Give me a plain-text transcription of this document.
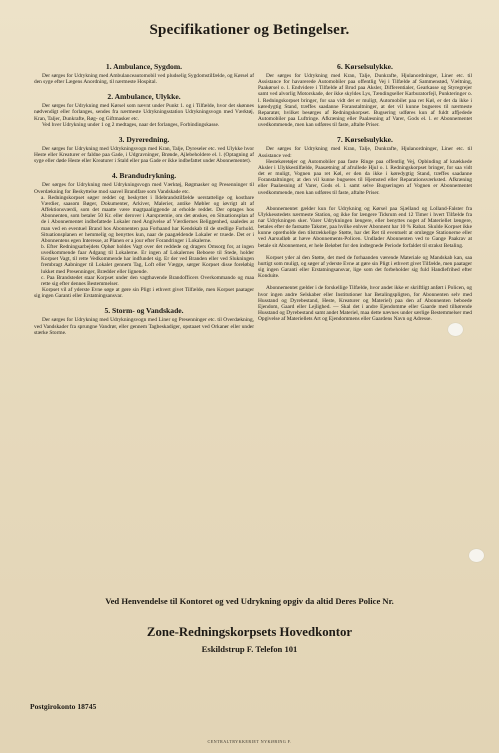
Specifikationer og Betingelser.
1. Ambulance, Sygdom.

Der sørges for Udrykning med Ambulanceautomobil ved pludselig Sygdomstilfælde, og Kørsel af den syge efter Lægens Anordning, til nærmeste Hospital.

2. Ambulance, Ulykke.

Der sørges for Udrykning med Kørsel som nævnt under Punkt 1. og i Tilfælde, hvor det skønnes nødvendigt eller forlanges, sendes fra nærmeste Udrykningsstation Udrykningsvogn med Værktøj, Kran, Taljer, Dunkrafte, Røg- og Giftmasker etc.

Ved hver Udrykning under 1 og 2 medtages, naar det forlanges, Forbindingskasse.

3. Dyreredning.

Der sørges for Udrykning med Udrykningsvogn med Kran, Talje, Dyreseler etc. ved Ulykke hvor Heste eller Kreaturer er faldne paa Gade, i Udgravninger, Brønde, Ajlebeholdere el. l. (Optagning af syge eller døde Heste eller Kreaturer i Stald eller paa Gade er ikke indbefattet under Abonnementet).

4. Brandudrykning.

Der sørges for Udrykning med Udrykningsvogn med Værktøj, Røgmasker og Presenninger til Overdækning for Beskyttelse mod saavel Brandfare som Vandskade etc.

a. Redningskorpset søger reddet og beskyttet i Ildebrandstilfælde uerstattelige og kostbare Værdier, saasom Bøger, Dokumenter, Arkiver, Malerier, antike Møbler og iøvrigt alt af Affektionsværdi, som det maatte være magtpaaliggende at erholde reddet. Der optages hos Abonnenten, som betaler 50 Kr. eller derover i Aarspræmie, om det ønskes, en Situationsplan af de i Abonnementet indbefattede Lokaler med Angivelse af Værdiernes Beliggenhed, saaledes at man ved en eventuel Brand hos Abonnenten paa Forhaand har Kendskab til de stedlige Forhold. Situationsplanen er hemmelig og benyttes kun, naar de paagældende Lokaler er truede. Det er i Abonnentens egen Interesse, at Planen er a jour efter Forandringer i Lokalerne.

b. Efter Redningsarbejdets Ophør holdes Vagt over det reddede og dragers Omsorg for, at ingen uvedkommende faar Adgang til Lokalerne. Er ingen af Lokalernes Beboere til Stede, holder Korpset Vagt, til rette Vedkommende har indfundet sig. Er der ved Branden eller ved Slukningen frembragt Aabninger til Lokalet gennem Tag, Loft eller Vægge, sørger Korpset disse foreløbig lukket med Presenninger, Brædder eller lignende.

c. Paa Brandstedet staar Korpset under den vagthavende Brandofficers Overkommando og maa rette sig efter dennes Bestemmelser.

Korpset vil af yderste Evne søge at gøre sin Pligt i ethvert givet Tilfælde, men Korpset paatager sig ingen Garanti eller Erstatningsansvar.

5. Storm- og Vandskade.

Der sørges for Udrykning med Udrykningsvogn med Liner og Presenninger etc. til Overdækning, ved Vandskader fra sprungne Vandrør, eller gennem Tagbeskadiger, opstaaet ved Orkaner eller under stærke Storme.

6. Kørselsulykke.

Der sørges for Udrykning med Kran, Talje, Dunkrafte, Hjulanordninger, Liner etc. til Assistance for havarerede Automobiler paa offentlig Vej i Tilfælde af Sammenstød, Væltning, Paakørsel o. l. Endvidere i Tilfælde af Brud paa Aksler, Differentialer, Gearkasse og Styregrejer samt ved alvorlig Motorskade, der ikke skyldes Lys, Tændingseller Karburatorfejl, Punkteringer o. l. Redningskorpset bringer, for saa vidt det er muligt, Automobilet paa ret Køl, er det da ikke i køredygtig Stand, træffes saadanne Foranstaltninger, at det vil kunne bugseres til nærmeste Reparatør, hvilket besørges af Redningskorpset. Bugsering udføres kun af fuldt affjedede Automobiler paa Luftringe. Afkræning eller Paalæsning af Varer, Gods el. l. er Abonnementet uvedkommende, men kan udføres til faste, aftalte Priser.

7. Kørselsulykke.

Der sørges for Udrykning med Kran, Talje, Dunkrafte, Hjulanordninger, Liner etc. til Assistance ved:

Hestekøretøjer og Automobiler paa faste Ringe paa offentlig Vej, Opbinding af knækkede Aksler i Ulykkestilfælde, Paasætning af afrullede Hjul o. l. Redningskorpset bringer, for saa vidt det er muligt, Vognen paa ret Køl, er den da ikke i køredygtig Stand, træffes saadanne Foranstaltninger, at den vil kunne bugseres til Hjemsted eller Reparationsværksted. Afkræning eller Paalæsning af Varer, Gods el. l. samt selve Bugseringen af Vognen er Abonnementet uvedkommende, men kan udføres til faste, aftalte Priser.

Abonnementet gælder kun for Udrykning og Kørsel paa Sjælland og Lolland-Falster fra Ulykkesstedets nærmeste Station, og ikke for længere Tidsrum end 12 Timer i hvert Tilfælde fra nar Udrykningen sker. Varer Udrykningen længere, eller benyttes noget af Materiellet længere, betales efter de fastsatte Takster, paa hvilke enhver Abonnent har 10 % Rabat. Skulde Korpset ikke kunne opretholde den tilstrækkelige Støtte, har det Ret til eventuelt at omlægge Stationerne eller ved Aarsudløb at hæve Abonnements-Policen. Undlader Abonnenten ved to Gange Paakrav at betale sit Abonnement, er hele Beløbet for den indtegnede Periode forfaldet til strakst Betaling.

Korpset yder al den Støtte, det med de forhaanden værende Materiale og Mandskab kan, saa hurtigt som muligt, og søger af yderste Evne at gøre sin Pligt i ethvert givet Tilfælde, men paatager sig ingen Garanti eller Erstatningsansvar, lige som det forbeholder sig fuld Handlefrihed efter Konduite.

Abonnementet gælder i de forskellige Tilfælde, hvor andet ikke er skriftligt anført i Policen, og hvor ingen andre Selskaber eller Institutioner har Betalingspligten, for Abonnenten selv med Husstand og Dyrebestand, Heste, Kreaturer og Materiel) paa den af Abonnenten beboede Ejendom, Gaard eller Lejlighed. — Skal det i andre Ejendomme eller Gaarde med tilhørende Husstand og Dyrebestand samt andet Materiel, maa dette nævnes under særlige Bestemmelser med Opgivelse af Materiellets Art og Ejendommens eller Gaardens Navn og Adresse.

Ved Henvendelse til Kontoret og ved Udrykning opgiv da altid Deres Police Nr.
Zone-Redningskorpsets Hovedkontor
Eskildstrup F. Telefon 101
Postgirokonto 18745
CENTRALTRYKKERIET NYKØBING F.
